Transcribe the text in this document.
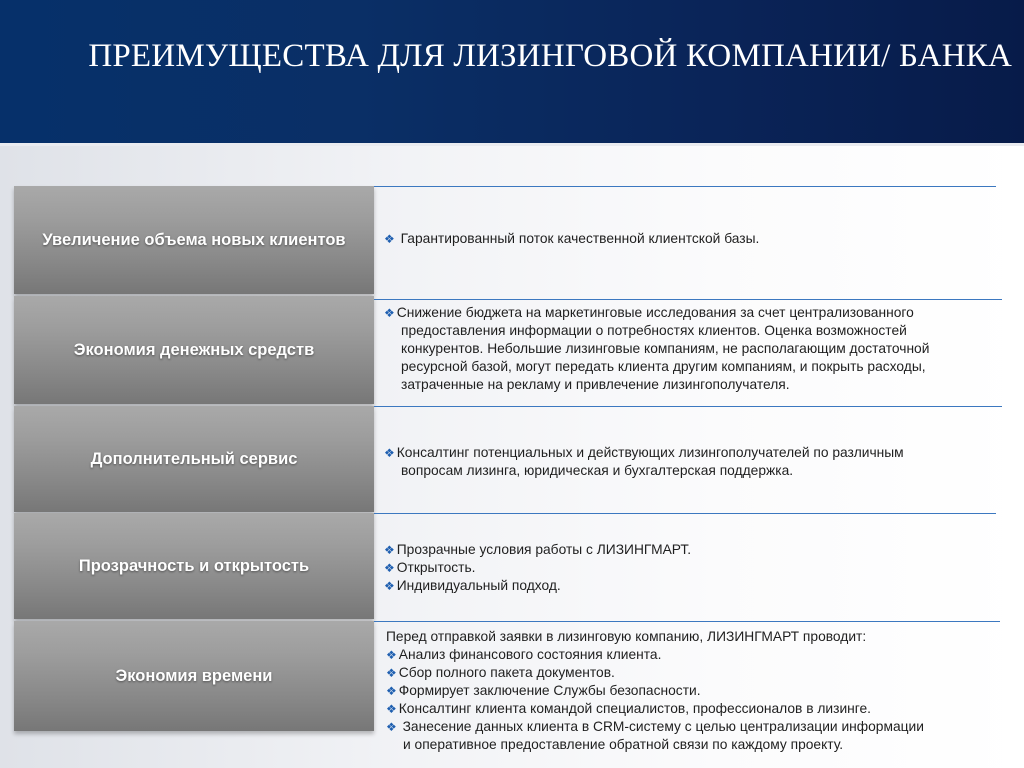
ПРЕИМУЩЕСТВА ДЛЯ ЛИЗИНГОВОЙ КОМПАНИИ/ БАНКА
Увеличение объема новых клиентов	❖ Гарантированный поток качественной клиентской базы.
Экономия денежных средств
❖ Снижение бюджета на маркетинговые исследования за счет централизованного
предоставления информации о потребностях клиентов. Оценка возможностей
конкурентов. Небольшие лизинговые компаниям, не располагающим достаточной
ресурсной базой, могут передать клиента другим компаниям, и покрыть расходы,
затраченные на рекламу и привлечение лизингополучателя.
Дополнительный сервис	❖ Консалтинг потенциальных и действующих лизингополучателей по различным
вопросам лизинга, юридическая и бухгалтерская поддержка.
Прозрачность и открытость
❖ Прозрачные условия работы с ЛИЗИНГМАРТ.
❖ Открытость.
❖ Индивидуальный подход.
Экономия времени
Перед отправкой заявки в лизинговую компанию, ЛИЗИНГМАРТ проводит:
❖ Анализ финансового состояния клиента.
❖ Сбор полного пакета документов.
❖ Формирует заключение Службы безопасности.
❖ Консалтинг клиента командой специалистов, профессионалов в лизинге.
❖ Занесение данных клиента в CRM-систему с целью централизации информации
и оперативное предоставление обратной связи по каждому проекту.
